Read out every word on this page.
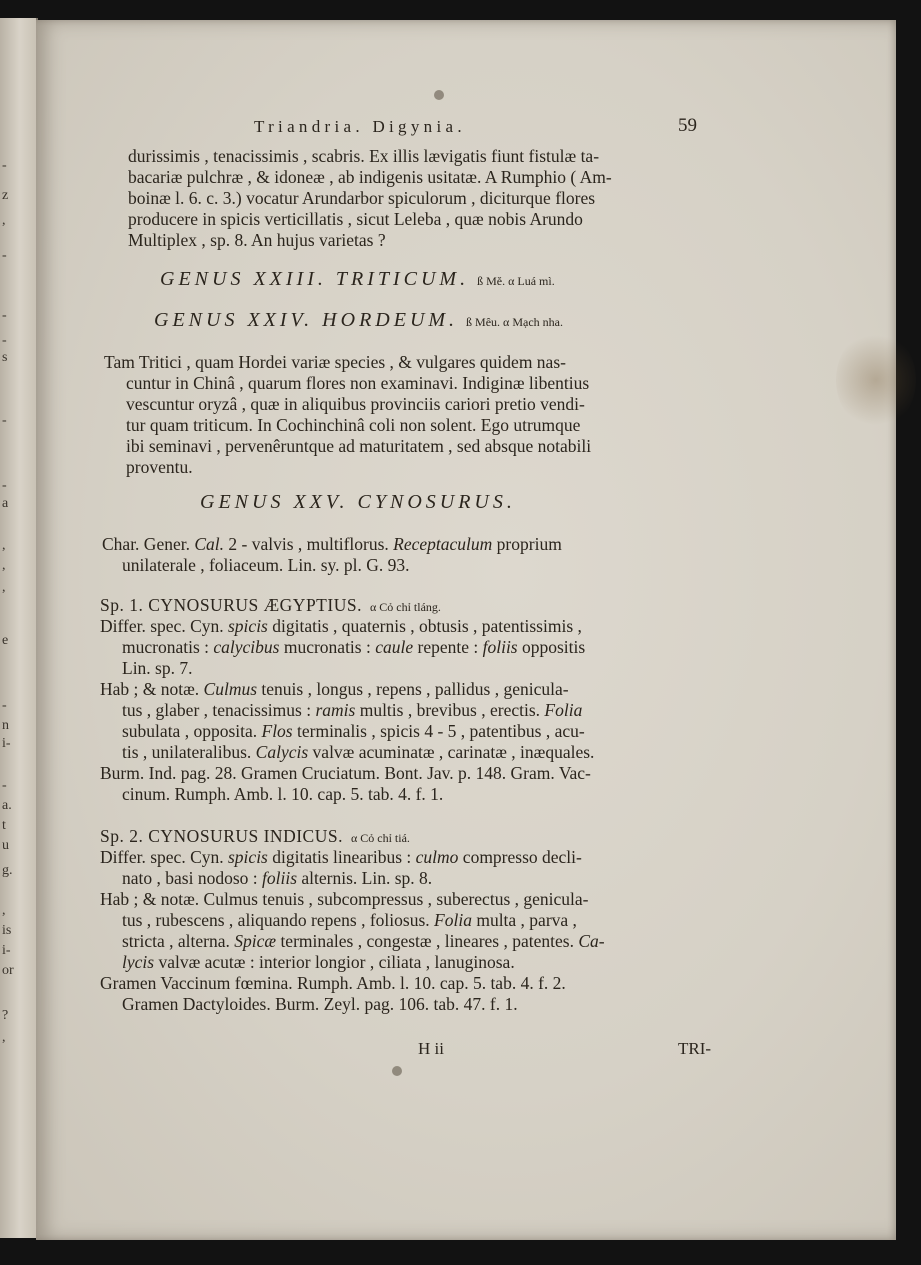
-
z
,
-
-
-
s
-
-
a
,
,
,
e
-
n
i-
-
a.
t
u
g.
,
is
i-
or
?
,
Triandria. Digynia.	59
durissimis , tenacissimis , scabris. Ex illis lævigatis fiunt fistulæ ta-
bacariæ pulchræ , & idoneæ , ab indigenis usitatæ. A Rumphio ( Am-
boinæ l. 6. c. 3.) vocatur Arundarbor spiculorum , diciturque flores
producere in spicis verticillatis , sicut Leleba , quæ nobis Arundo
Multiplex , sp. 8. An hujus varietas ?
GENUS XXIII. TRITICUM. ß Mĕ. α Luá mì.
GENUS XXIV. HORDEUM. ß Mêu. α Mạch nha.
Tam Tritici , quam Hordei variæ species , & vulgares quidem nas-
cuntur in Chinâ , quarum flores non examinavi. Indiginæ libentius
vescuntur oryzâ , quæ in aliquibus provinciis cariori pretio vendi-
tur quam triticum. In Cochinchinâ coli non solent. Ego utrumque
ibi seminavi , pervenêruntque ad maturitatem , sed absque notabili
proventu.
GENUS XXV. CYNOSURUS.
Char. Gener. Cal. 2 - valvis , multiflorus. Receptaculum proprium
unilaterale , foliaceum. Lin. sy. pl. G. 93.
Sp. 1. CYNOSURUS ÆGYPTIUS. α Cỏ chỉ tláng.
Differ. spec. Cyn. spicis digitatis , quaternis , obtusis , patentissimis ,
mucronatis : calycibus mucronatis : caule repente : foliis oppositis
Lin. sp. 7.
Hab ; & notæ. Culmus tenuis , longus , repens , pallidus , genicula-
tus , glaber , tenacissimus : ramis multis , brevibus , erectis. Folia
subulata , opposita. Flos terminalis , spicis 4 - 5 , patentibus , acu-
tis , unilateralibus. Calycis valvæ acuminatæ , carinatæ , inæquales.
Burm. Ind. pag. 28. Gramen Cruciatum. Bont. Jav. p. 148. Gram. Vac-
cinum. Rumph. Amb. l. 10. cap. 5. tab. 4. f. 1.
Sp. 2. CYNOSURUS INDICUS. α Cỏ chỉ tiá.
Differ. spec. Cyn. spicis digitatis linearibus : culmo compresso decli-
nato , basi nodoso : foliis alternis. Lin. sp. 8.
Hab ; & notæ. Culmus tenuis , subcompressus , suberectus , genicula-
tus , rubescens , aliquando repens , foliosus. Folia multa , parva ,
stricta , alterna. Spicæ terminales , congestæ , lineares , patentes. Ca-
lycis valvæ acutæ : interior longior , ciliata , lanuginosa.
Gramen Vaccinum fœmina. Rumph. Amb. l. 10. cap. 5. tab. 4. f. 2.
Gramen Dactyloides. Burm. Zeyl. pag. 106. tab. 47. f. 1.
H ii	TRI-
